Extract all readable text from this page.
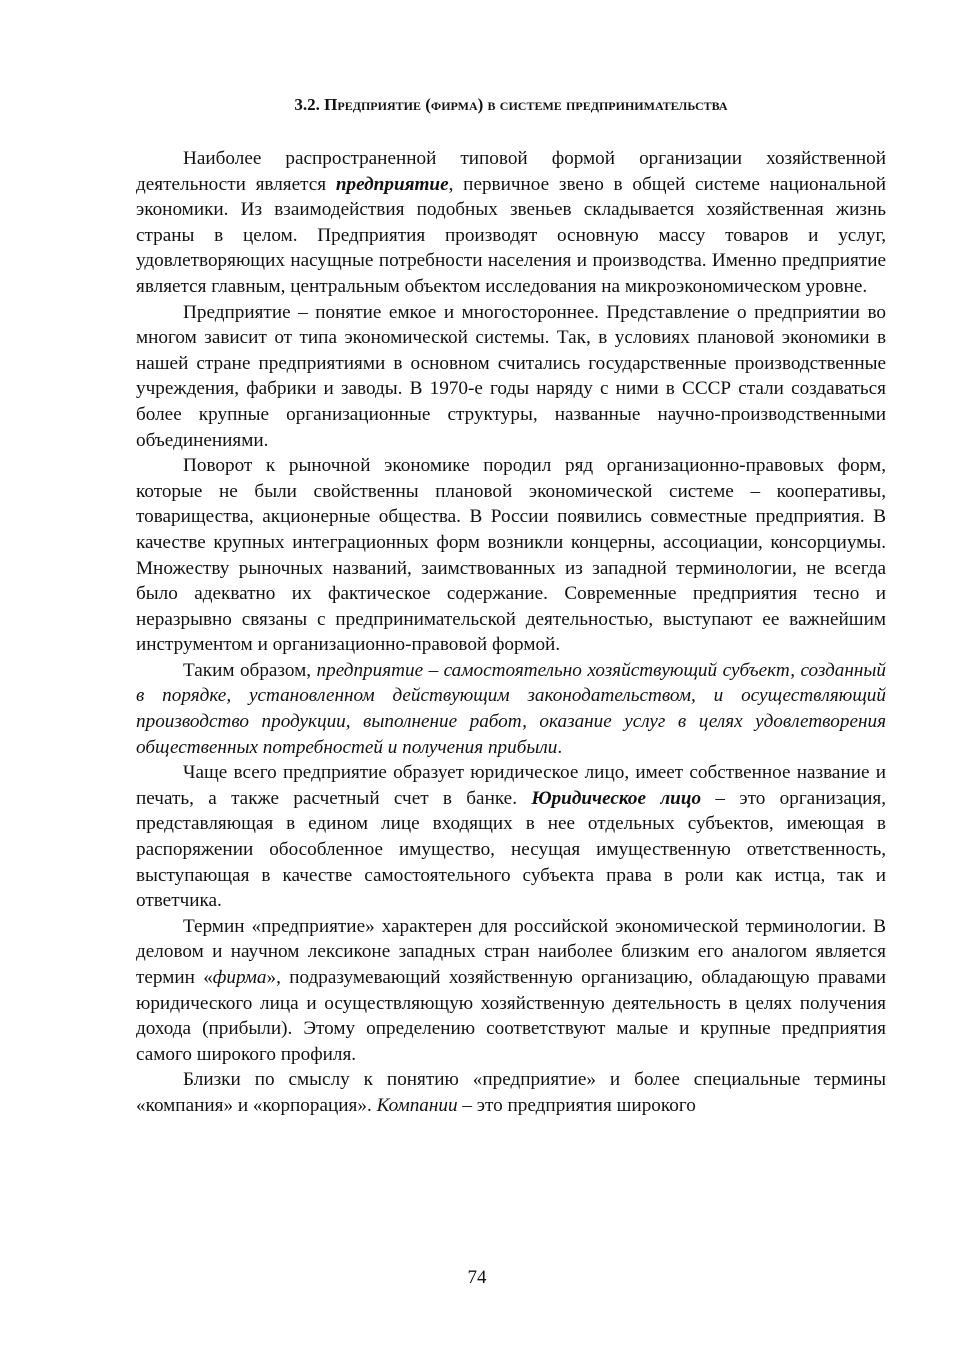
3.2. Предприятие (фирма) в системе предпринимательства

Наиболее распространенной типовой формой организации хозяйственной деятельности является предприятие, первичное звено в общей системе национальной экономики. Из взаимодействия подобных звеньев складывается хозяйственная жизнь страны в целом. Предприятия производят основную массу товаров и услуг, удовлетворяющих насущные потребности населения и производства. Именно предприятие является главным, центральным объектом исследования на микроэкономическом уровне.

Предприятие – понятие емкое и многостороннее. Представление о предприятии во многом зависит от типа экономической системы. Так, в условиях плановой экономики в нашей стране предприятиями в основном считались государственные производственные учреждения, фабрики и заводы. В 1970-е годы наряду с ними в СССР стали создаваться более крупные организационные структуры, названные научно-производственными объединениями.

Поворот к рыночной экономике породил ряд организационно-правовых форм, которые не были свойственны плановой экономической системе – кооперативы, товарищества, акционерные общества. В России появились совместные предприятия. В качестве крупных интеграционных форм возникли концерны, ассоциации, консорциумы. Множеству рыночных названий, заимствованных из западной терминологии, не всегда было адекватно их фактическое содержание. Современные предприятия тесно и неразрывно связаны с предпринимательской деятельностью, выступают ее важнейшим инструментом и организационно-правовой формой.

Таким образом, предприятие – самостоятельно хозяйствующий субъект, созданный в порядке, установленном действующим законодательством, и осуществляющий производство продукции, выполнение работ, оказание услуг в целях удовлетворения общественных потребностей и получения прибыли.

Чаще всего предприятие образует юридическое лицо, имеет собственное название и печать, а также расчетный счет в банке. Юридическое лицо – это организация, представляющая в едином лице входящих в нее отдельных субъектов, имеющая в распоряжении обособленное имущество, несущая имущественную ответственность, выступающая в качестве самостоятельного субъекта права в роли как истца, так и ответчика.

Термин «предприятие» характерен для российской экономической терминологии. В деловом и научном лексиконе западных стран наиболее близким его аналогом является термин «фирма», подразумевающий хозяйственную организацию, обладающую правами юридического лица и осуществляющую хозяйственную деятельность в целях получения дохода (прибыли). Этому определению соответствуют малые и крупные предприятия самого широкого профиля.

Близки по смыслу к понятию «предприятие» и более специальные термины «компания» и «корпорация». Компании – это предприятия широкого

74
